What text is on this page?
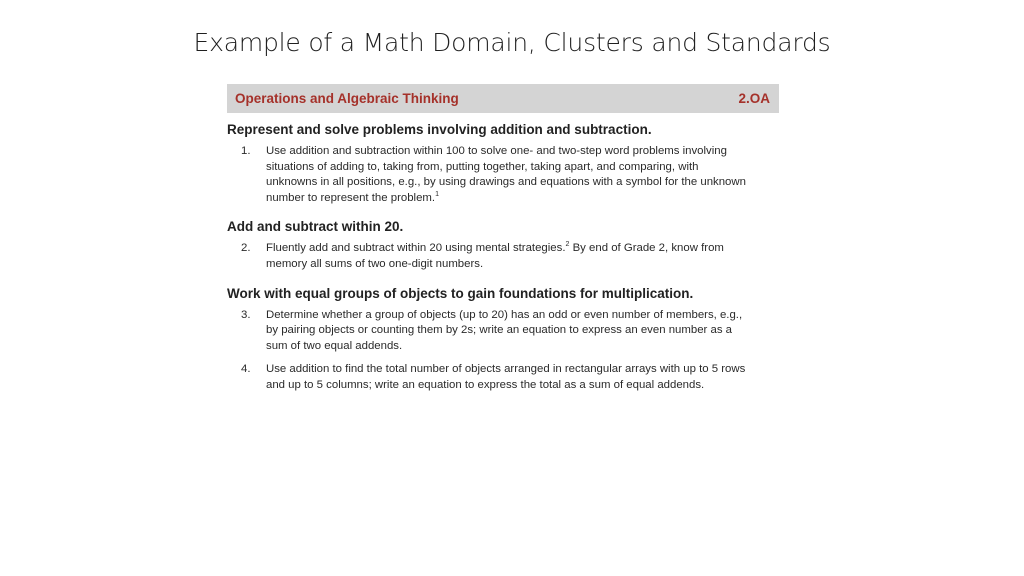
Example of a Math Domain, Clusters and Standards
Operations and Algebraic Thinking	2.OA
Represent and solve problems involving addition and subtraction.
1.	Use addition and subtraction within 100 to solve one- and two-step word problems involving situations of adding to, taking from, putting together, taking apart, and comparing, with unknowns in all positions, e.g., by using drawings and equations with a symbol for the unknown number to represent the problem.$^1$
Add and subtract within 20.
2.	Fluently add and subtract within 20 using mental strategies.$^2$ By end of Grade 2, know from memory all sums of two one-digit numbers.
Work with equal groups of objects to gain foundations for multiplication.
3.	Determine whether a group of objects (up to 20) has an odd or even number of members, e.g., by pairing objects or counting them by 2s; write an equation to express an even number as a sum of two equal addends.
4.	Use addition to find the total number of objects arranged in rectangular arrays with up to 5 rows and up to 5 columns; write an equation to express the total as a sum of equal addends.
